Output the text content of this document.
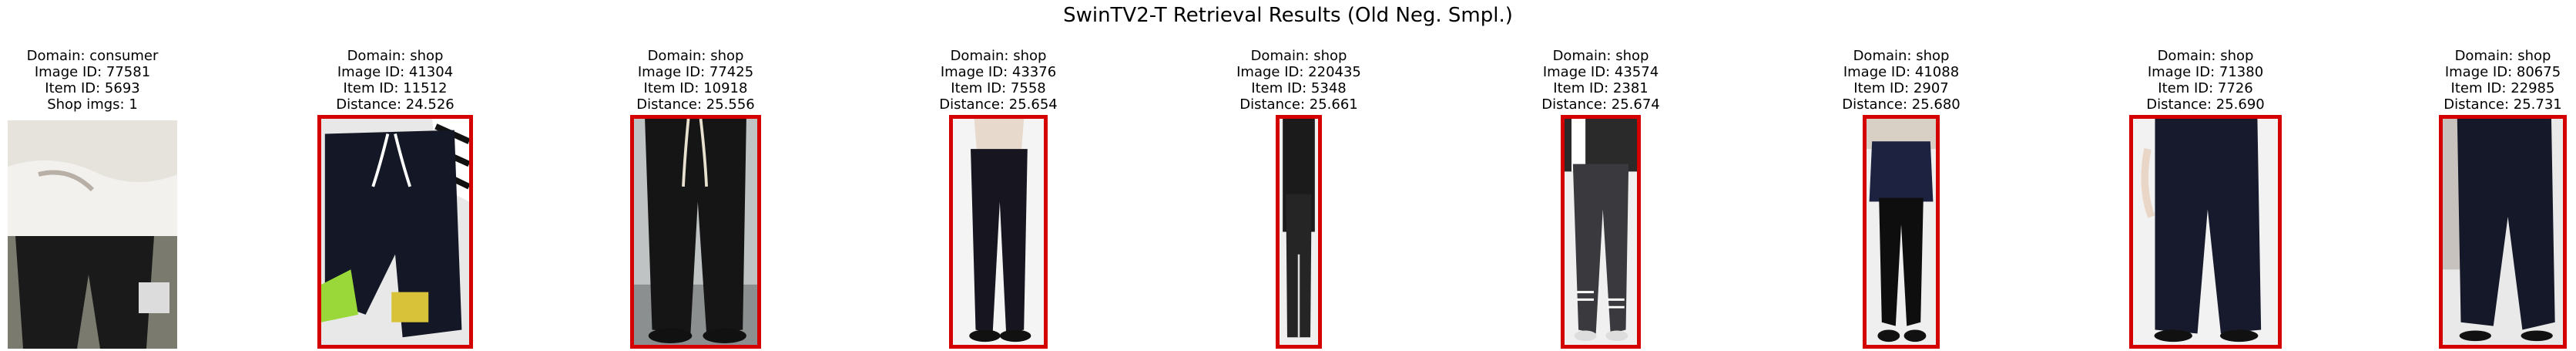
SwinTV2-T Retrieval Results (Old Neg. Smpl.)
Domain: consumer
Image ID: 77581
Item ID: 5693
Shop imgs: 1
Domain: shop
Image ID: 41304
Item ID: 11512
Distance: 24.526
Domain: shop
Image ID: 77425
Item ID: 10918
Distance: 25.556
Domain: shop
Image ID: 43376
Item ID: 7558
Distance: 25.654
Domain: shop
Image ID: 220435
Item ID: 5348
Distance: 25.661
Domain: shop
Image ID: 43574
Item ID: 2381
Distance: 25.674
Domain: shop
Image ID: 41088
Item ID: 2907
Distance: 25.680
Domain: shop
Image ID: 71380
Item ID: 7726
Distance: 25.690
Domain: shop
Image ID: 80675
Item ID: 22985
Distance: 25.731
